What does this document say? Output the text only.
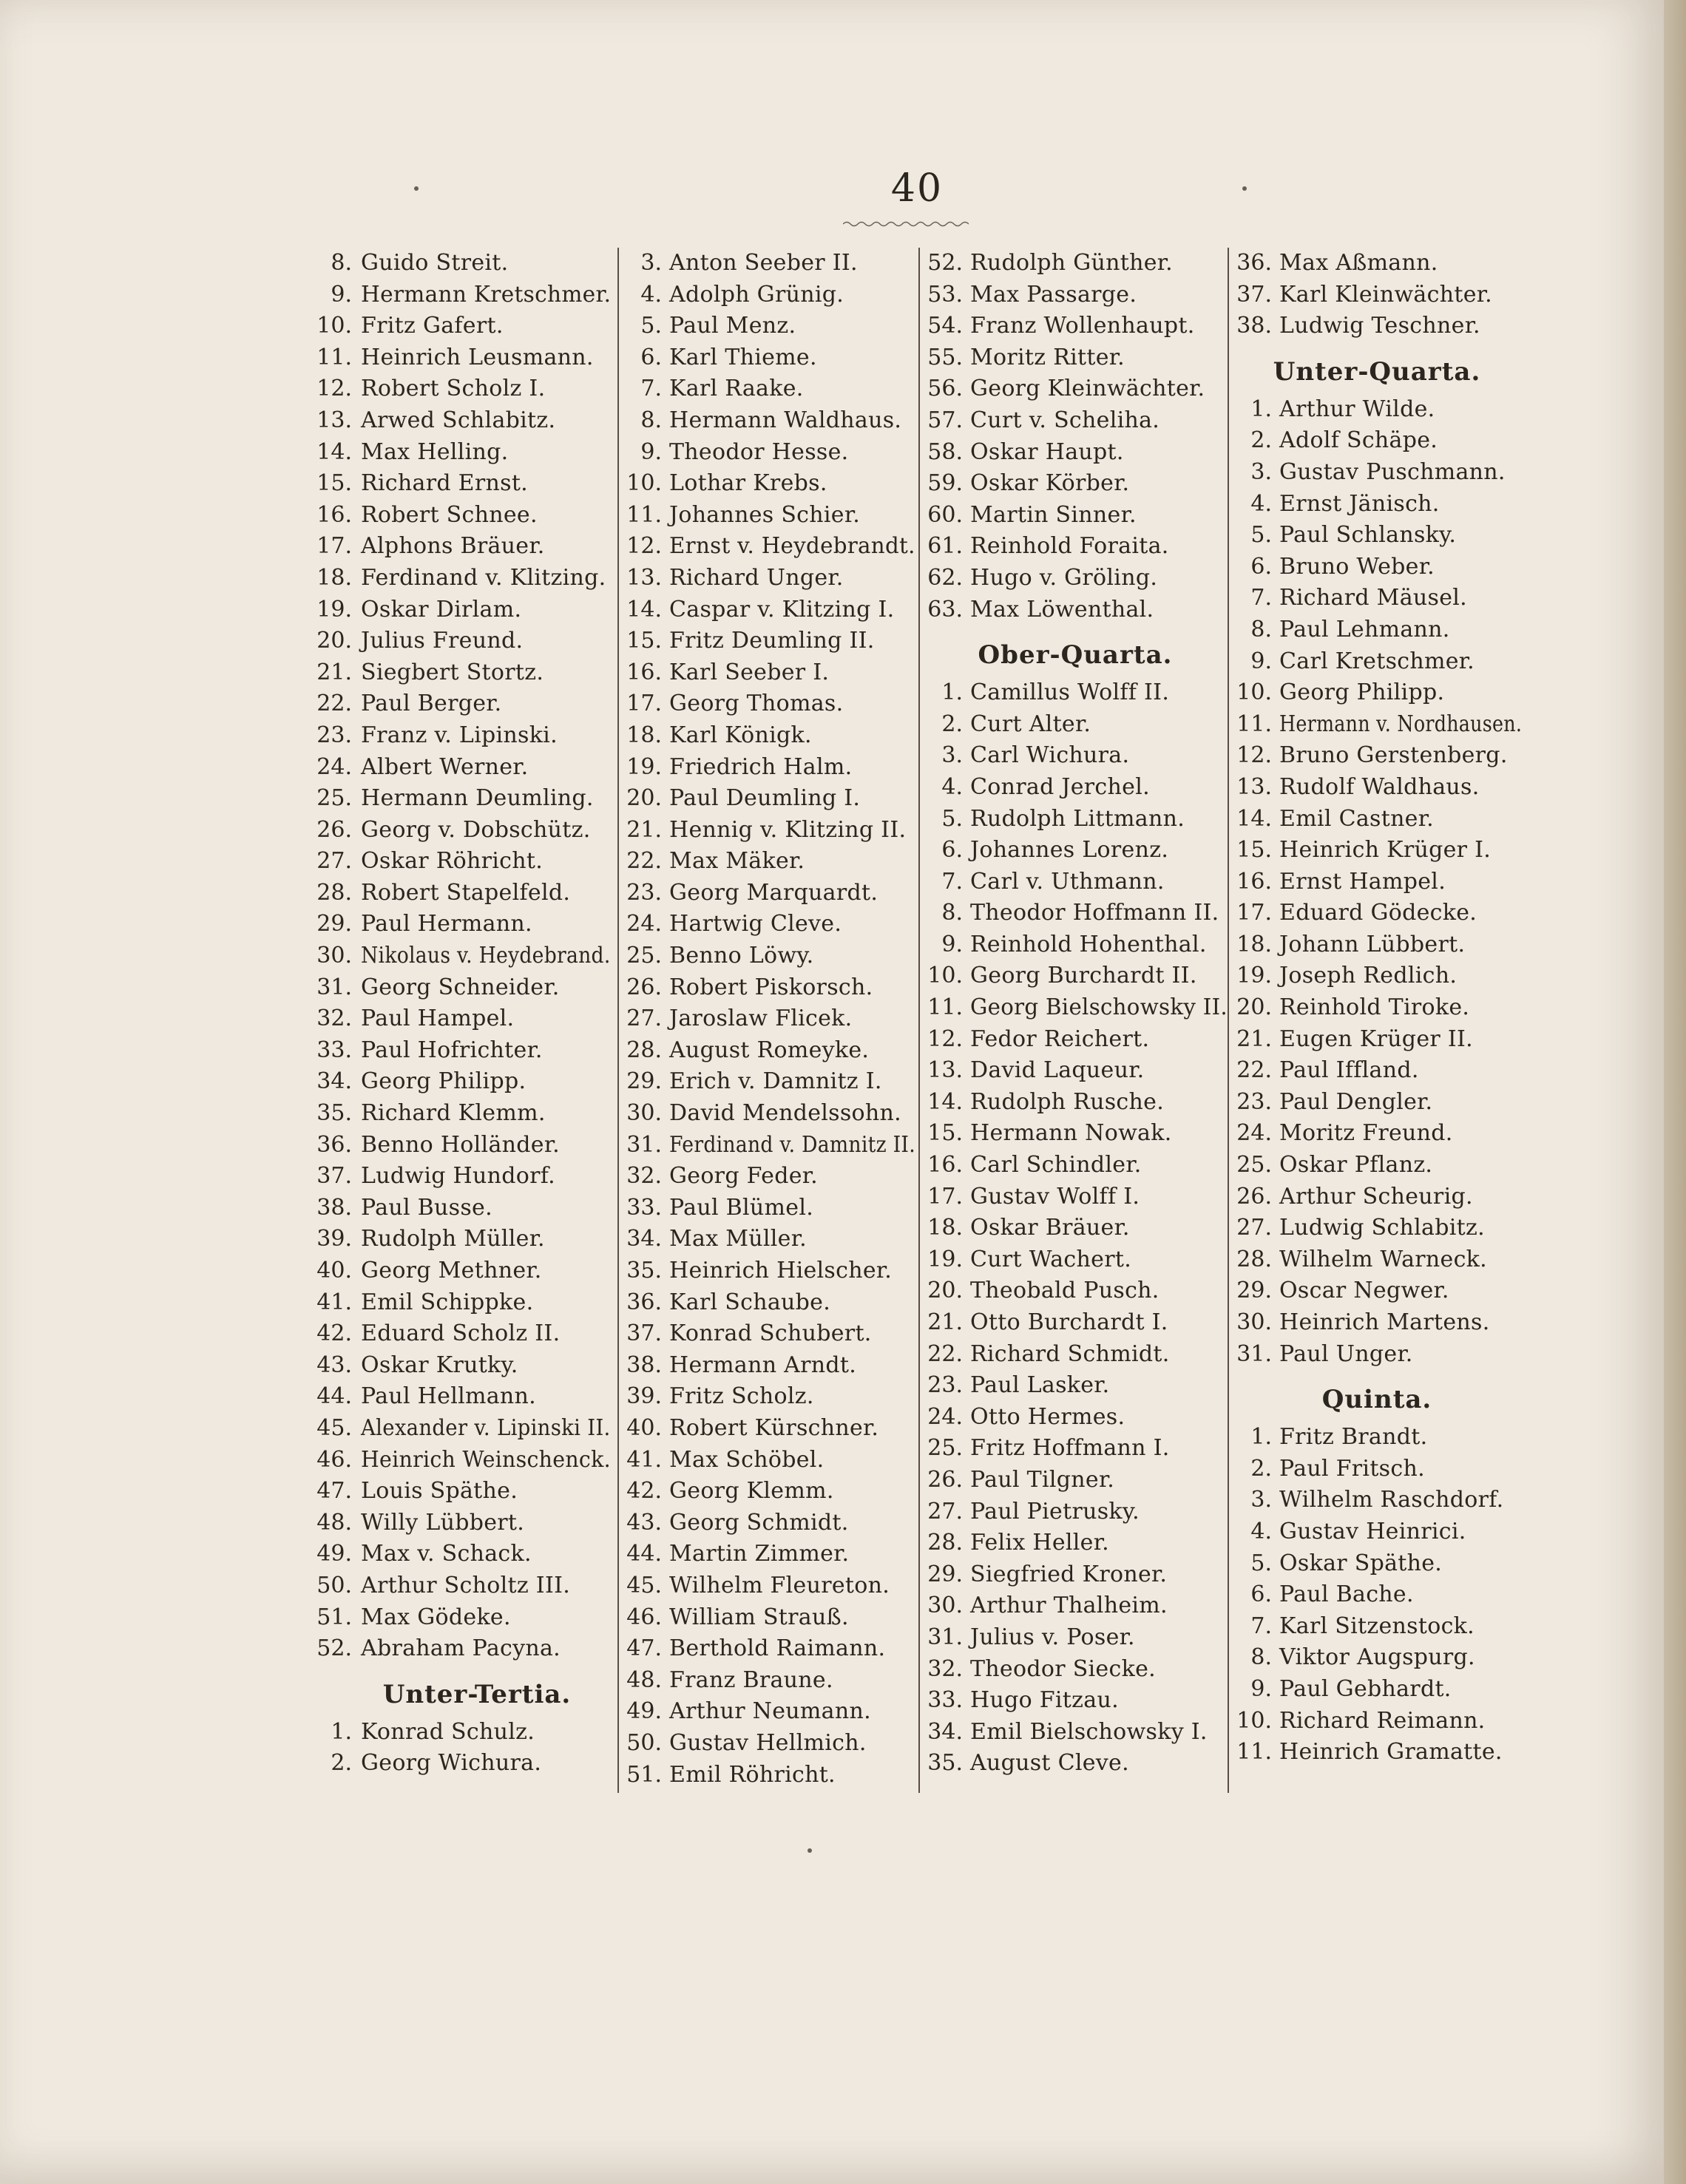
40
8. Guido Streit.
9. Hermann Kretschmer.
10. Fritz Gafert.
11. Heinrich Leusmann.
12. Robert Scholz I.
13. Arwed Schlabitz.
14. Max Helling.
15. Richard Ernst.
16. Robert Schnee.
17. Alphons Bräuer.
18. Ferdinand v. Klitzing.
19. Oskar Dirlam.
20. Julius Freund.
21. Siegbert Stortz.
22. Paul Berger.
23. Franz v. Lipinski.
24. Albert Werner.
25. Hermann Deumling.
26. Georg v. Dobschütz.
27. Oskar Röhricht.
28. Robert Stapelfeld.
29. Paul Hermann.
30. Nikolaus v. Heydebrand.
31. Georg Schneider.
32. Paul Hampel.
33. Paul Hofrichter.
34. Georg Philipp.
35. Richard Klemm.
36. Benno Holländer.
37. Ludwig Hundorf.
38. Paul Busse.
39. Rudolph Müller.
40. Georg Methner.
41. Emil Schippke.
42. Eduard Scholz II.
43. Oskar Krutky.
44. Paul Hellmann.
45. Alexander v. Lipinski II.
46. Heinrich Weinschenck.
47. Louis Späthe.
48. Willy Lübbert.
49. Max v. Schack.
50. Arthur Scholtz III.
51. Max Gödeke.
52. Abraham Pacyna.
Unter-Tertia.
1. Konrad Schulz.
2. Georg Wichura.
3. Anton Seeber II.
4. Adolph Grünig.
5. Paul Menz.
6. Karl Thieme.
7. Karl Raake.
8. Hermann Waldhaus.
9. Theodor Hesse.
10. Lothar Krebs.
11. Johannes Schier.
12. Ernst v. Heydebrandt.
13. Richard Unger.
14. Caspar v. Klitzing I.
15. Fritz Deumling II.
16. Karl Seeber I.
17. Georg Thomas.
18. Karl Königk.
19. Friedrich Halm.
20. Paul Deumling I.
21. Hennig v. Klitzing II.
22. Max Mäker.
23. Georg Marquardt.
24. Hartwig Cleve.
25. Benno Löwy.
26. Robert Piskorsch.
27. Jaroslaw Flicek.
28. August Romeyke.
29. Erich v. Damnitz I.
30. David Mendelssohn.
31. Ferdinand v. Damnitz II.
32. Georg Feder.
33. Paul Blümel.
34. Max Müller.
35. Heinrich Hielscher.
36. Karl Schaube.
37. Konrad Schubert.
38. Hermann Arndt.
39. Fritz Scholz.
40. Robert Kürschner.
41. Max Schöbel.
42. Georg Klemm.
43. Georg Schmidt.
44. Martin Zimmer.
45. Wilhelm Fleureton.
46. William Strauß.
47. Berthold Raimann.
48. Franz Braune.
49. Arthur Neumann.
50. Gustav Hellmich.
51. Emil Röhricht.
52. Rudolph Günther.
53. Max Passarge.
54. Franz Wollenhaupt.
55. Moritz Ritter.
56. Georg Kleinwächter.
57. Curt v. Scheliha.
58. Oskar Haupt.
59. Oskar Körber.
60. Martin Sinner.
61. Reinhold Foraita.
62. Hugo v. Gröling.
63. Max Löwenthal.
Ober-Quarta.
1. Camillus Wolff II.
2. Curt Alter.
3. Carl Wichura.
4. Conrad Jerchel.
5. Rudolph Littmann.
6. Johannes Lorenz.
7. Carl v. Uthmann.
8. Theodor Hoffmann II.
9. Reinhold Hohenthal.
10. Georg Burchardt II.
11. Georg Bielschowsky II.
12. Fedor Reichert.
13. David Laqueur.
14. Rudolph Rusche.
15. Hermann Nowak.
16. Carl Schindler.
17. Gustav Wolff I.
18. Oskar Bräuer.
19. Curt Wachert.
20. Theobald Pusch.
21. Otto Burchardt I.
22. Richard Schmidt.
23. Paul Lasker.
24. Otto Hermes.
25. Fritz Hoffmann I.
26. Paul Tilgner.
27. Paul Pietrusky.
28. Felix Heller.
29. Siegfried Kroner.
30. Arthur Thalheim.
31. Julius v. Poser.
32. Theodor Siecke.
33. Hugo Fitzau.
34. Emil Bielschowsky I.
35. August Cleve.
36. Max Aßmann.
37. Karl Kleinwächter.
38. Ludwig Teschner.
Unter-Quarta.
1. Arthur Wilde.
2. Adolf Schäpe.
3. Gustav Puschmann.
4. Ernst Jänisch.
5. Paul Schlansky.
6. Bruno Weber.
7. Richard Mäusel.
8. Paul Lehmann.
9. Carl Kretschmer.
10. Georg Philipp.
11. Hermann v. Nordhausen.
12. Bruno Gerstenberg.
13. Rudolf Waldhaus.
14. Emil Castner.
15. Heinrich Krüger I.
16. Ernst Hampel.
17. Eduard Gödecke.
18. Johann Lübbert.
19. Joseph Redlich.
20. Reinhold Tiroke.
21. Eugen Krüger II.
22. Paul Iffland.
23. Paul Dengler.
24. Moritz Freund.
25. Oskar Pflanz.
26. Arthur Scheurig.
27. Ludwig Schlabitz.
28. Wilhelm Warneck.
29. Oscar Negwer.
30. Heinrich Martens.
31. Paul Unger.
Quinta.
1. Fritz Brandt.
2. Paul Fritsch.
3. Wilhelm Raschdorf.
4. Gustav Heinrici.
5. Oskar Späthe.
6. Paul Bache.
7. Karl Sitzenstock.
8. Viktor Augspurg.
9. Paul Gebhardt.
10. Richard Reimann.
11. Heinrich Gramatte.
